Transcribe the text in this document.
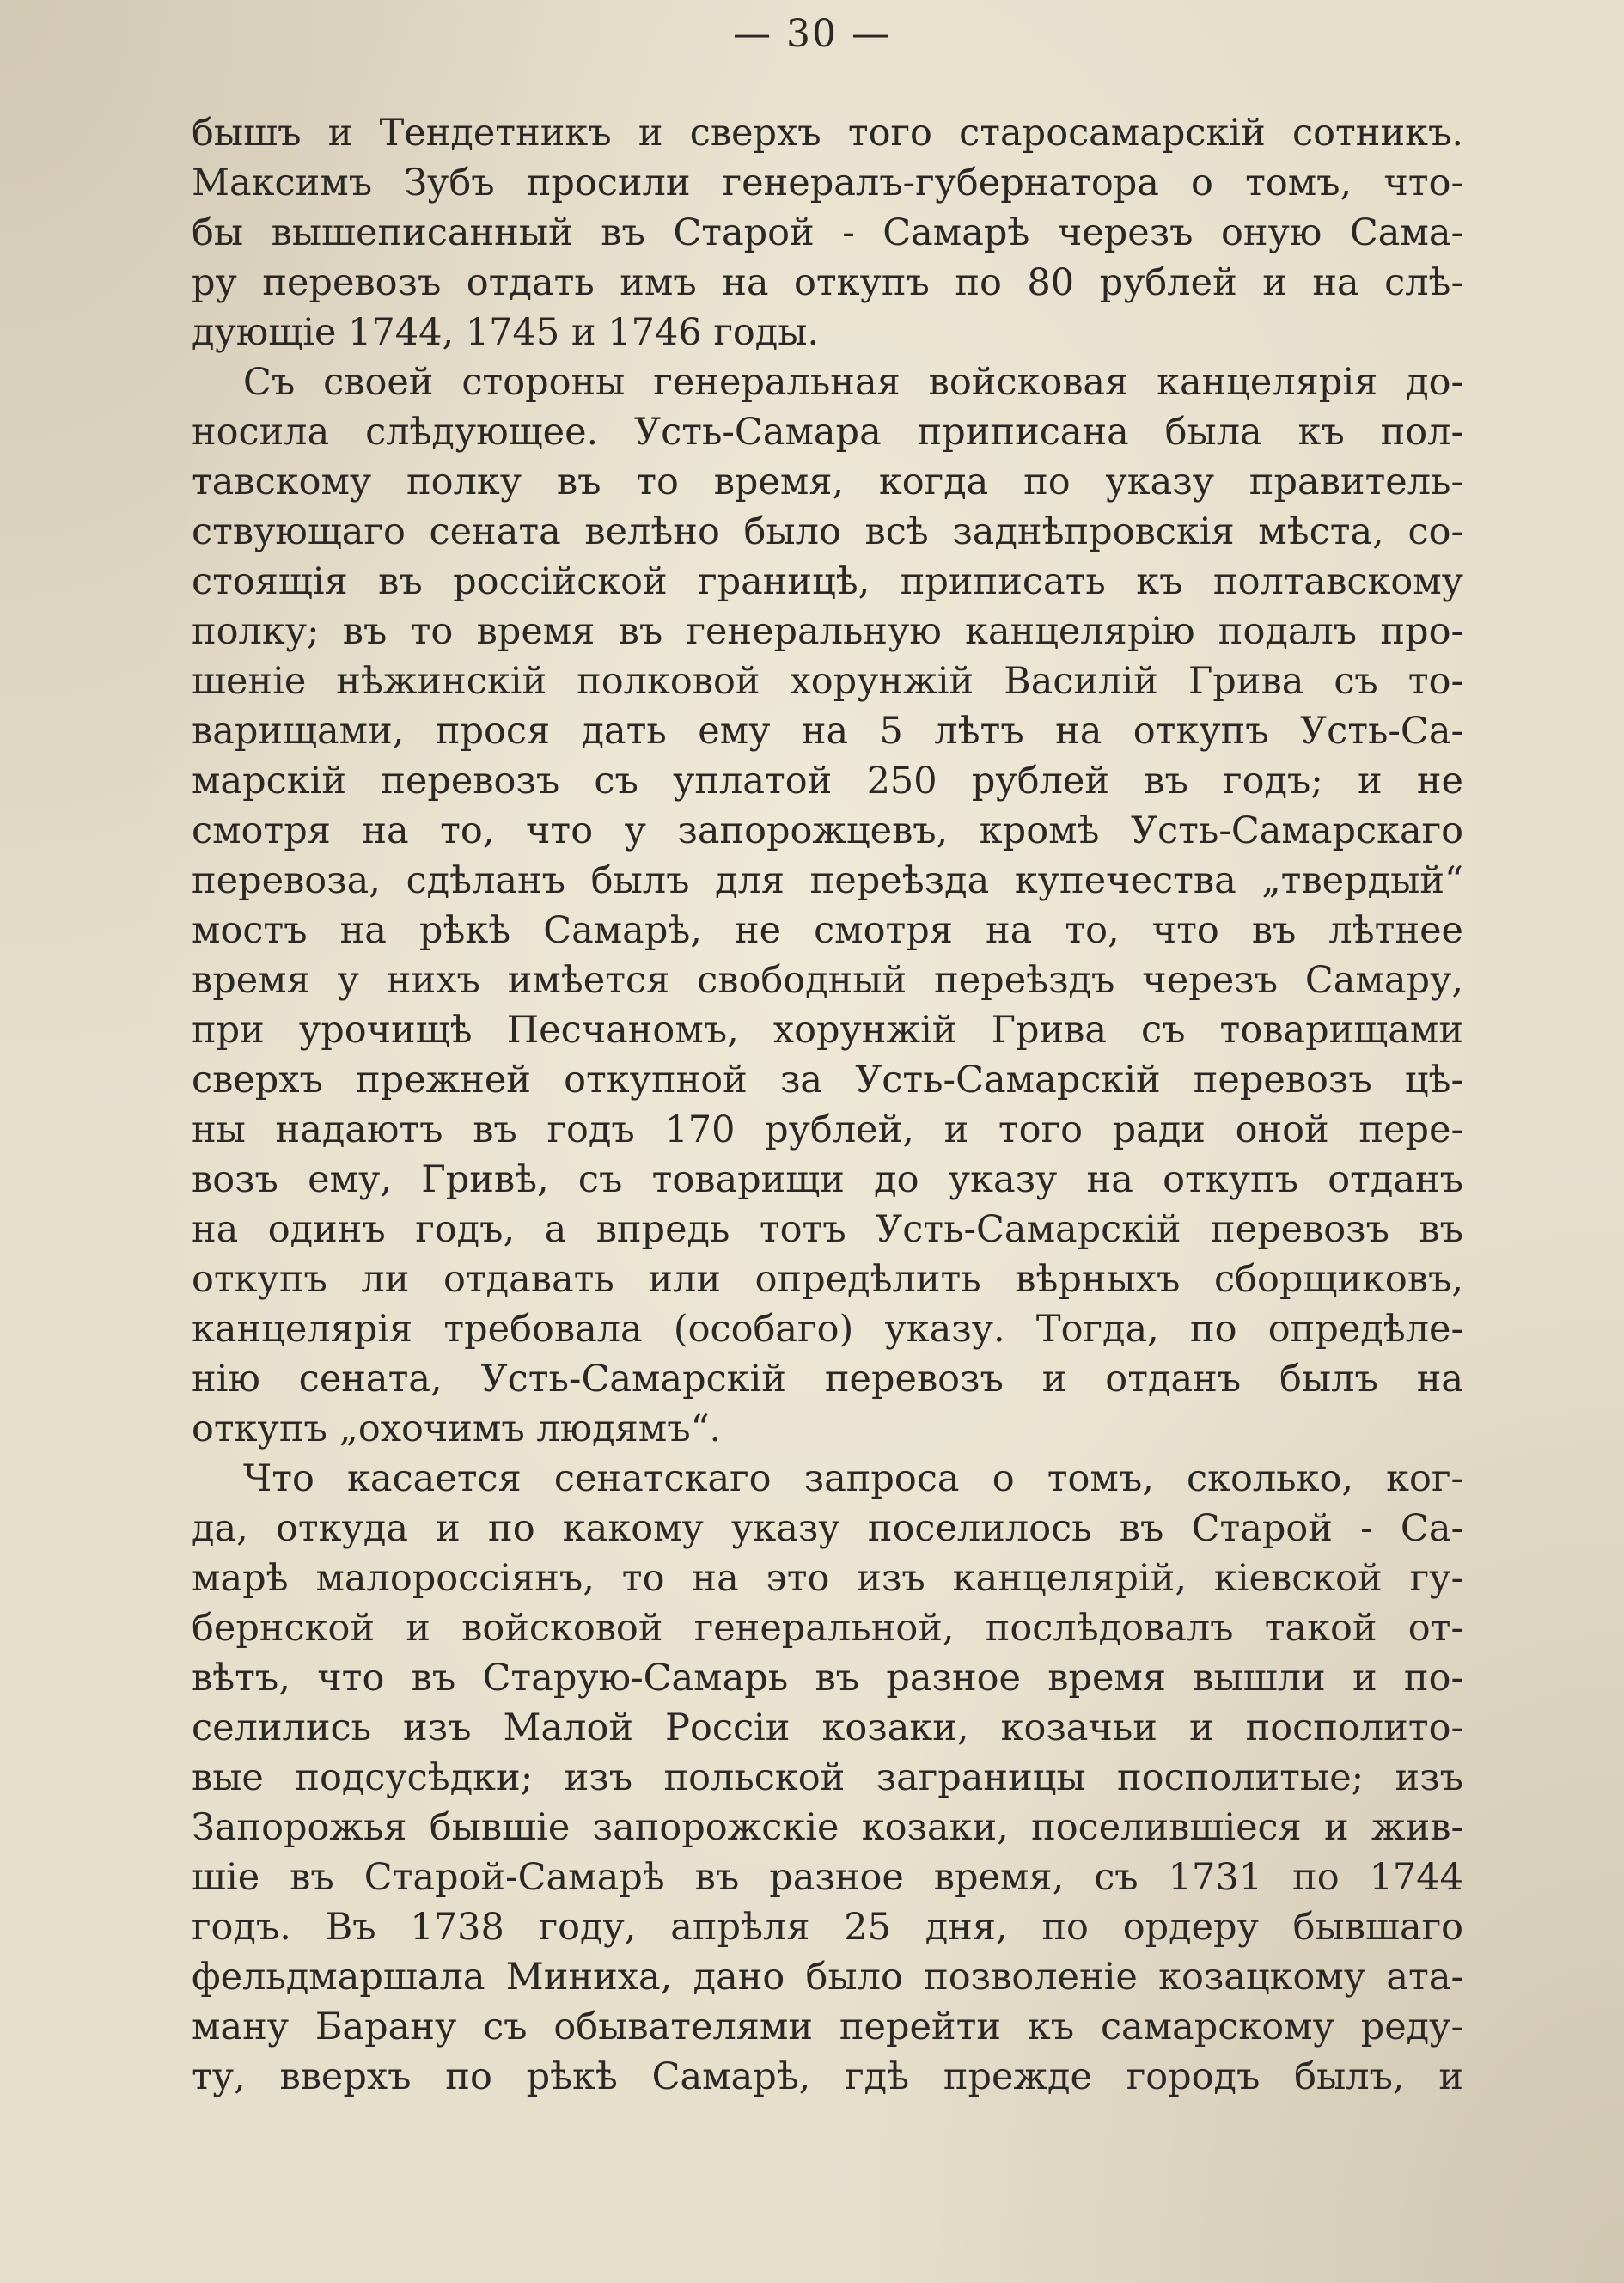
— 30 —
бышъ и Тендетникъ и сверхъ того старосамарскій сотникъ.
Максимъ Зубъ просили генералъ-губернатора о томъ, что-
бы вышеписанный въ Старой - Самарѣ черезъ оную Сама-
ру перевозъ отдать имъ на откупъ по 80 рублей и на слѣ-
дующіе 1744, 1745 и 1746 годы.
Съ своей стороны генеральная войсковая канцелярія до-
носила слѣдующее. Усть-Самара приписана была къ пол-
тавскому полку въ то время, когда по указу правитель-
ствующаго сената велѣно было всѣ заднѣпровскія мѣста, со-
стоящія въ россійской границѣ, приписать къ полтавскому
полку; въ то время въ генеральную канцелярію подалъ про-
шеніе нѣжинскій полковой хорунжій Василій Грива съ то-
варищами, прося дать ему на 5 лѣтъ на откупъ Усть-Са-
марскій перевозъ съ уплатой 250 рублей въ годъ; и не
смотря на то, что у запорожцевъ, кромѣ Усть-Самарскаго
перевоза, сдѣланъ былъ для переѣзда купечества „твердый“
мостъ на рѣкѣ Самарѣ, не смотря на то, что въ лѣтнее
время у нихъ имѣется свободный переѣздъ черезъ Самару,
при урочищѣ Песчаномъ, хорунжій Грива съ товарищами
сверхъ прежней откупной за Усть-Самарскій перевозъ цѣ-
ны надаютъ въ годъ 170 рублей, и того ради оной пере-
возъ ему, Гривѣ, съ товарищи до указу на откупъ отданъ
на одинъ годъ, а впредь тотъ Усть-Самарскій перевозъ въ
откупъ ли отдавать или опредѣлить вѣрныхъ сборщиковъ,
канцелярія требовала (особаго) указу. Тогда, по опредѣле-
нію сената, Усть-Самарскій перевозъ и отданъ былъ на
откупъ „охочимъ людямъ“.
Что касается сенатскаго запроса о томъ, сколько, ког-
да, откуда и по какому указу поселилось въ Старой - Са-
марѣ малороссіянъ, то на это изъ канцелярій, кіевской гу-
бернской и войсковой генеральной, послѣдовалъ такой от-
вѣтъ, что въ Старую-Самарь въ разное время вышли и по-
селились изъ Малой Россіи козаки, козачьи и посполито-
вые подсусѣдки; изъ польской заграницы посполитые; изъ
Запорожья бывшіе запорожскіе козаки, поселившіеся и жив-
шіе въ Старой-Самарѣ въ разное время, съ 1731 по 1744
годъ. Въ 1738 году, апрѣля 25 дня, по ордеру бывшаго
фельдмаршала Миниха, дано было позволеніе козацкому ата-
ману Барану съ обывателями перейти къ самарскому реду-
ту, вверхъ по рѣкѣ Самарѣ, гдѣ прежде городъ былъ, и
